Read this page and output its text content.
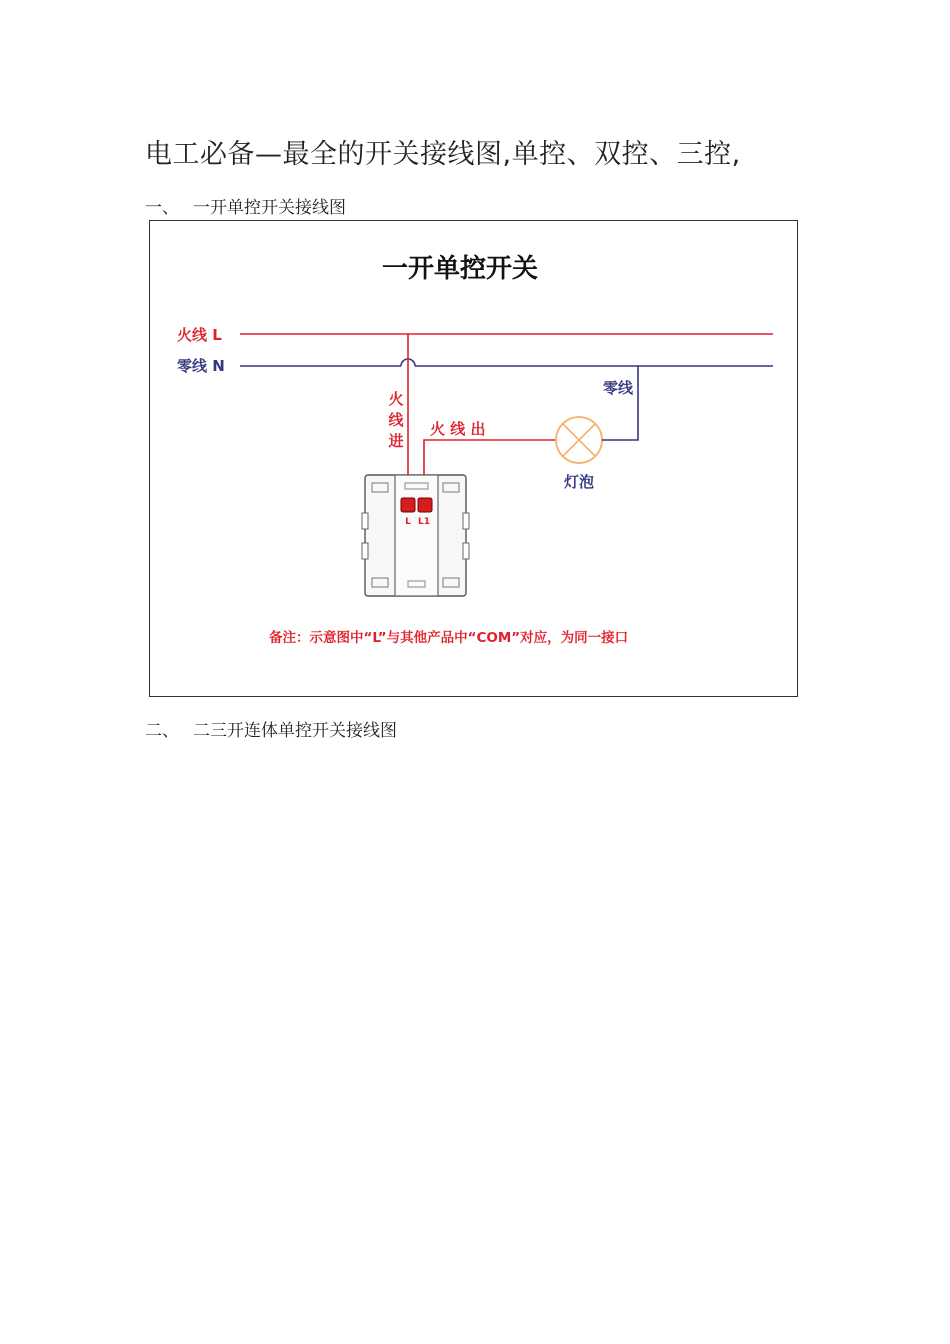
电工必备—最全的开关接线图,单控、双控、三控,
一、 一开单控开关接线图
一开单控开关
火线 L
零线 N
火
线
进
火 线 出
灯泡
零线
L L1
备注：示意图中“L”与其他产品中“COM”对应，为同一接口
二、 二三开连体单控开关接线图
